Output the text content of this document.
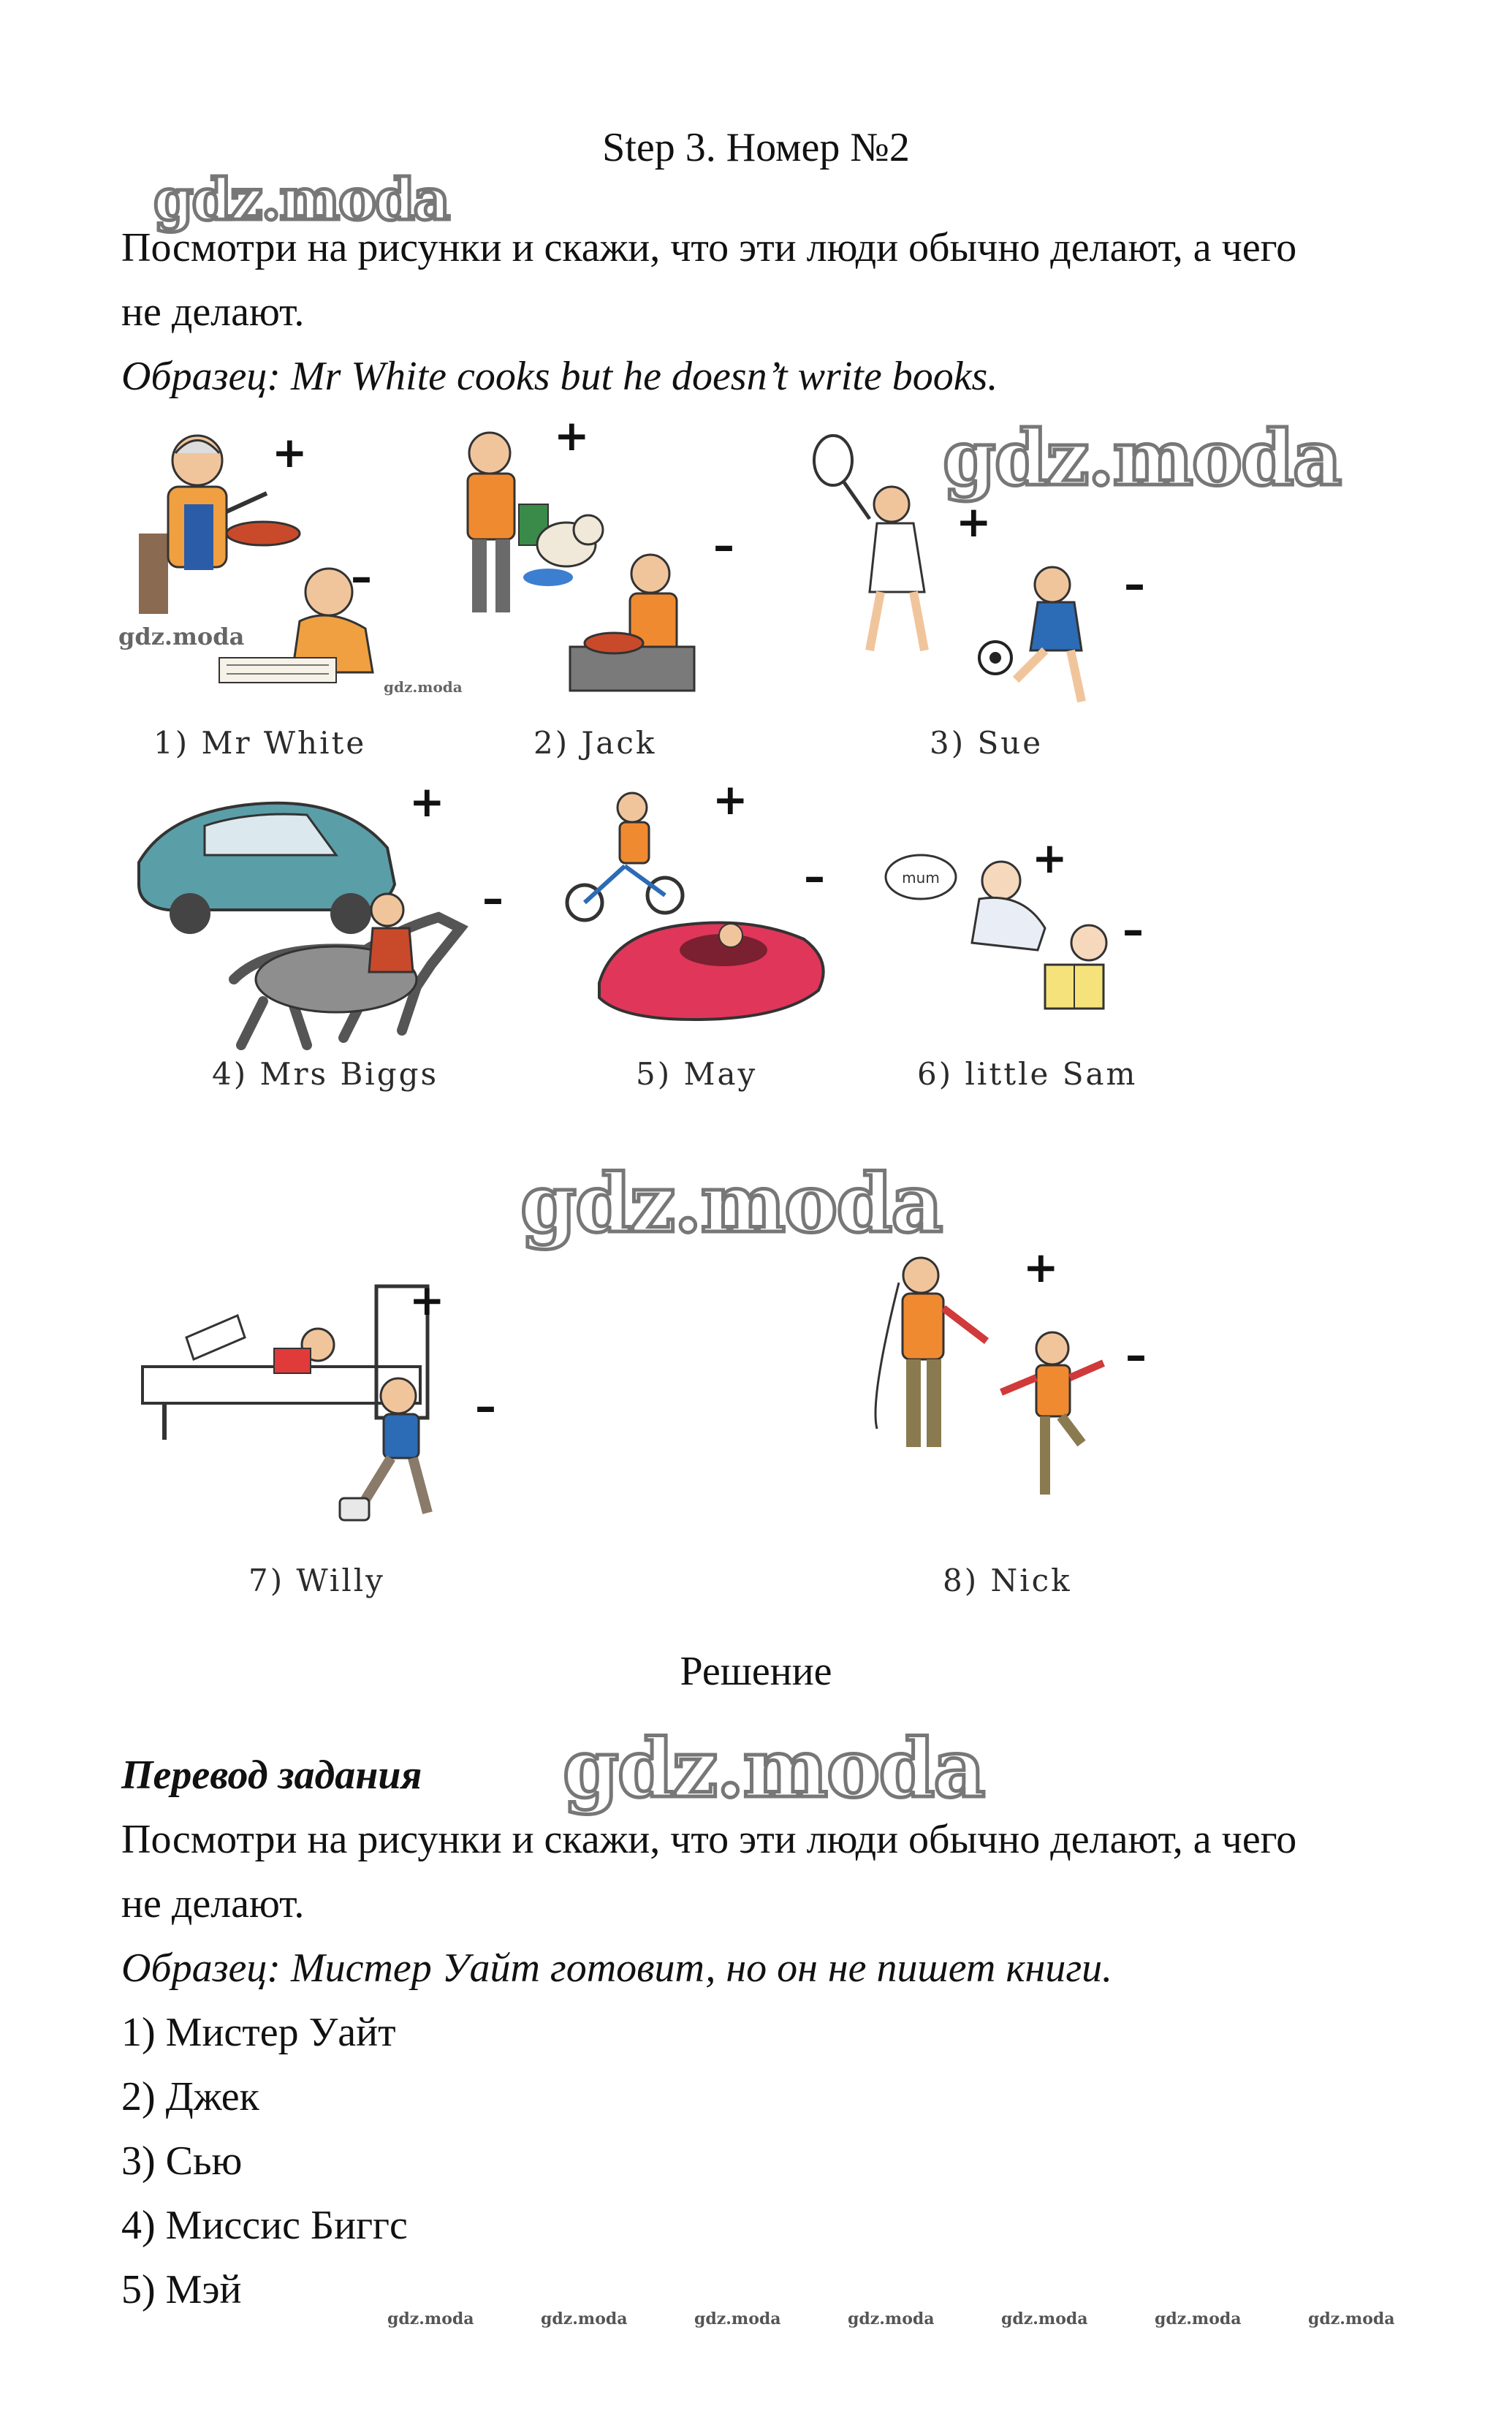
Step 3. Номер №2
gdz.moda
Посмотри на рисунки и скажи, что эти люди обычно делают, а чего
не делают.
Образец: Mr White cooks but he doesn’t write books.
gdz.moda
+
–
gdz.moda
gdz.moda
1) Mr White
+
–
2) Jack
+
–
3) Sue
+
–
4) Mrs Biggs
+
–
5) May
mum +
–
6) little Sam
gdz.moda
+
–
7) Willy
+
–
8) Nick
Решение
Перевод задания gdz.moda
Посмотри на рисунки и скажи, что эти люди обычно делают, а чего
не делают.
Образец: Мистер Уайт готовит, но он не пишет книги.
1) Мистер Уайт
2) Джек
3) Сью
4) Миссис Биггс
5) Мэй
gdz.moda	gdz.moda	gdz.moda	gdz.moda	gdz.moda	gdz.moda	gdz.moda
